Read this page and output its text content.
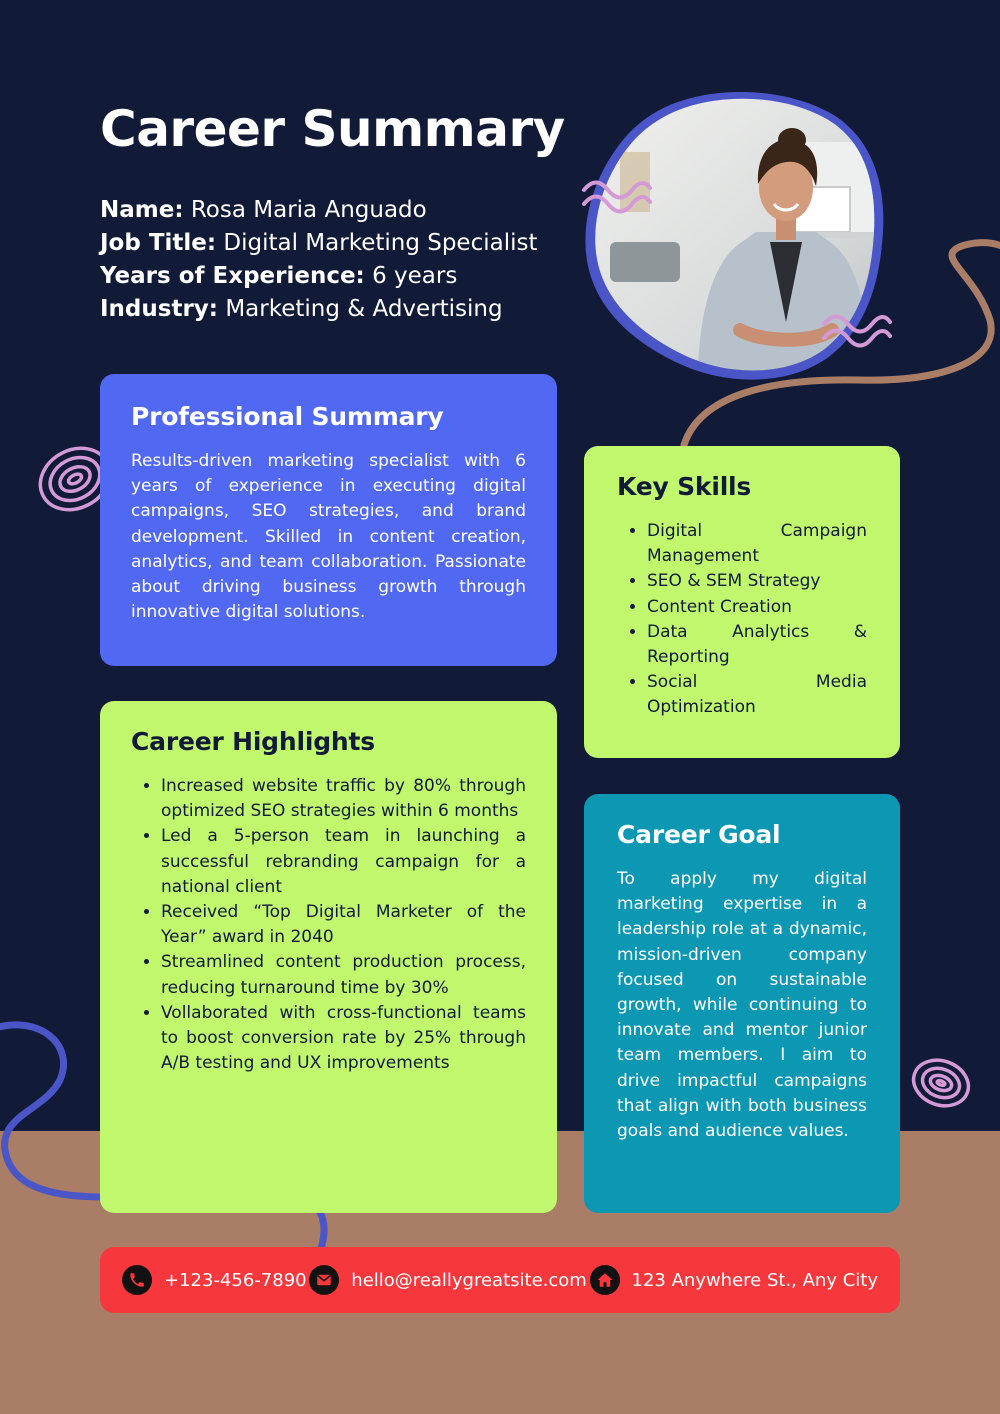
Career Summary
Name: Rosa Maria Anguado
Job Title: Digital Marketing Specialist
Years of Experience: 6 years
Industry: Marketing & Advertising
Professional Summary

Results-driven marketing specialist with 6 years of experience in executing digital campaigns, SEO strategies, and brand development. Skilled in content creation, analytics, and team collaboration. Passionate about driving business growth through innovative digital solutions.

Key Skills
• Digital Campaign Management
• SEO & SEM Strategy
• Content Creation
• Data Analytics & Reporting
• Social Media Optimization
Career Highlights
• Increased website traffic by 80% through optimized SEO strategies within 6 months
• Led a 5-person team in launching a successful rebranding campaign for a national client
• Received “Top Digital Marketer of the Year” award in 2040
• Streamlined content production process, reducing turnaround time by 30%
• Vollaborated with cross-functional teams to boost conversion rate by 25% through A/B testing and UX improvements
Career Goal

To apply my digital marketing expertise in a leadership role at a dynamic, mission-driven company focused on sustainable growth, while continuing to innovate and mentor junior team members. I aim to drive impactful campaigns that align with both business goals and audience values.

+123-456-7890 hello@reallygreatsite.com 123 Anywhere St., Any City
